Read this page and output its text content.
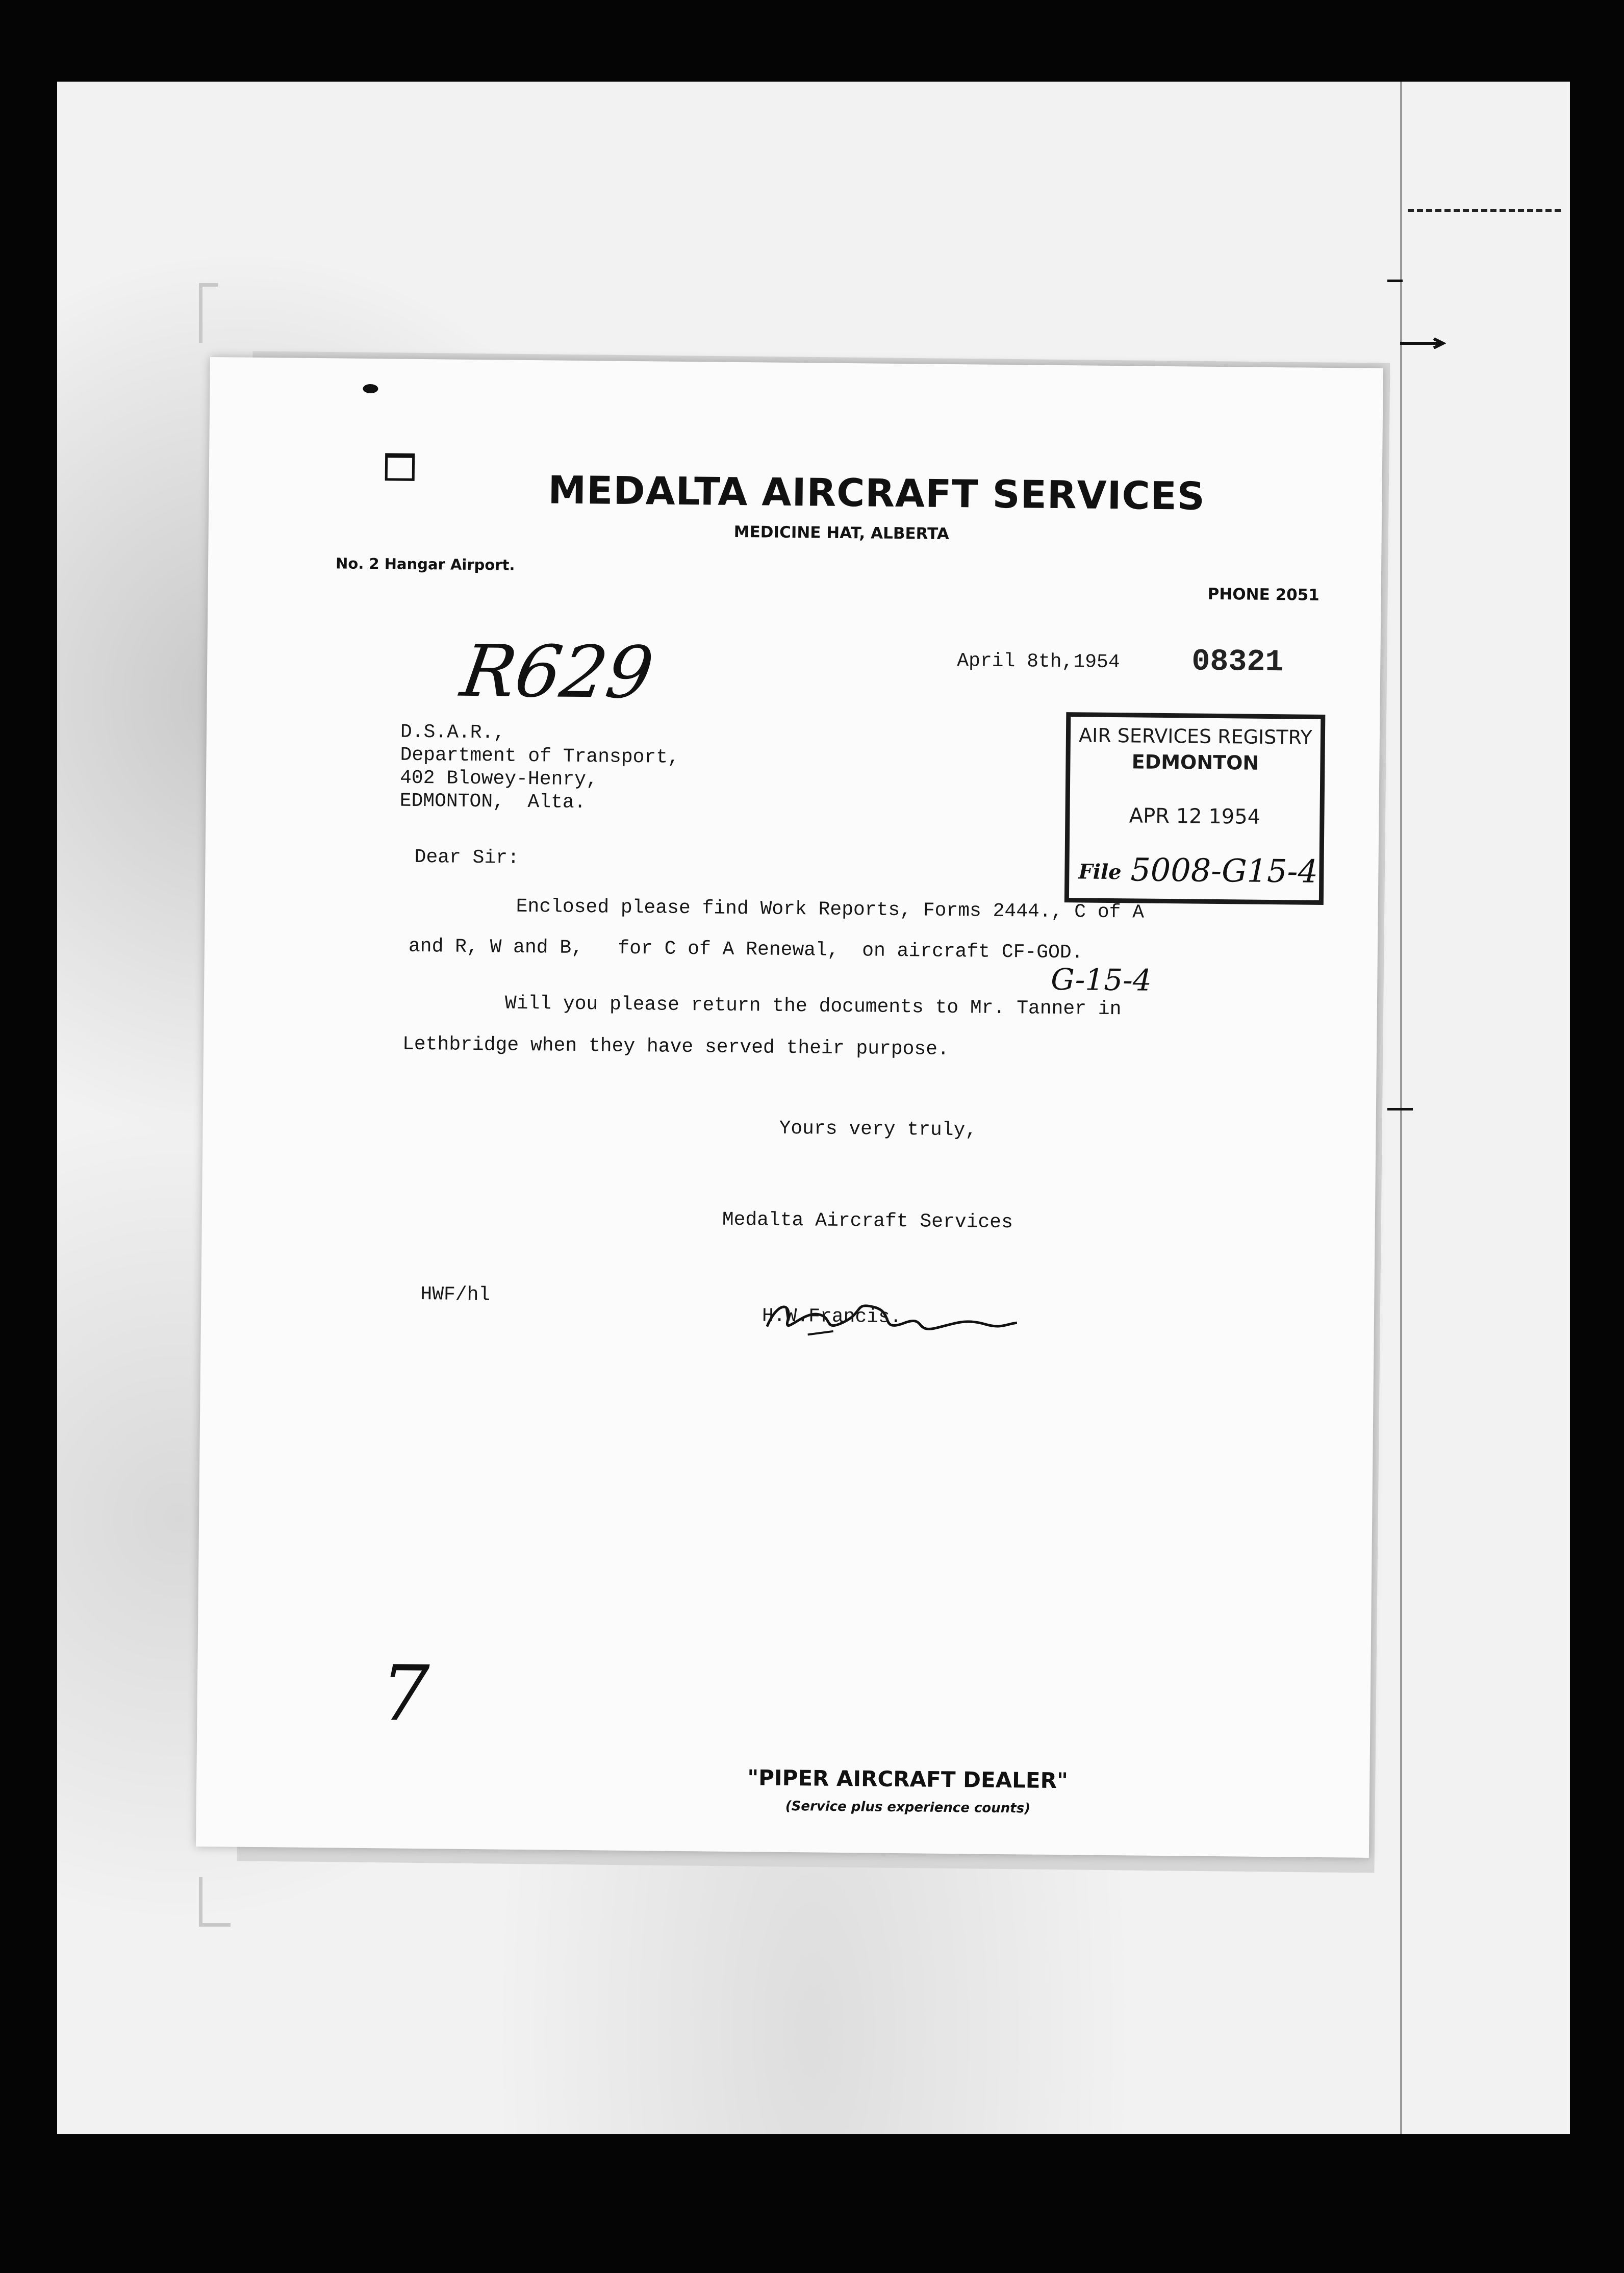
MEDALTA AIRCRAFT SERVICES
MEDICINE HAT, ALBERTA
No. 2 Hangar Airport.
PHONE 2051
R629	April 8th,1954 08321
AIR SERVICES REGISTRY
EDMONTON
APR 12 1954
File 5008-G15-4
D.S.A.R.,
Department of Transport,
402 Blowey-Henry,
EDMONTON,  Alta.
Dear Sir:
Enclosed please find Work Reports, Forms 2444., C of A
and R, W and B,   for C of A Renewal,  on aircraft CF-GOD.
G-15-4
Will you please return the documents to Mr. Tanner in
Lethbridge when they have served their purpose.
Yours very truly,
Medalta Aircraft Services
HWF/hl
H.W.Francis.
7
"PIPER AIRCRAFT DEALER"
(Service plus experience counts)
